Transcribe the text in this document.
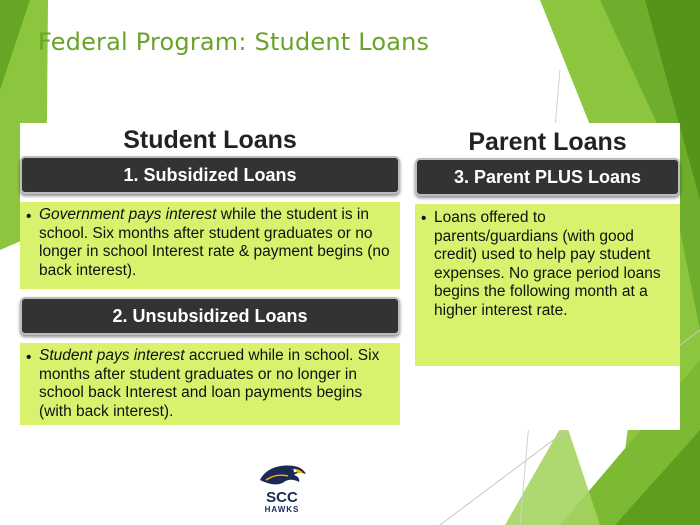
Federal Program: Student Loans
Student Loans
1. Subsidized Loans
• Government pays interest while the student is in school. Six months after student graduates or no longer in school Interest rate & payment begins (no back interest).
2. Unsubsidized Loans
• Student pays interest accrued while in school. Six months after student graduates or no longer in school back Interest and loan payments begins (with back interest).
Parent Loans
3. Parent PLUS Loans
• Loans offered to parents/guardians (with good credit) used to help pay student expenses. No grace period loans begins the following month at a higher interest rate.
SCC
HAWKS
